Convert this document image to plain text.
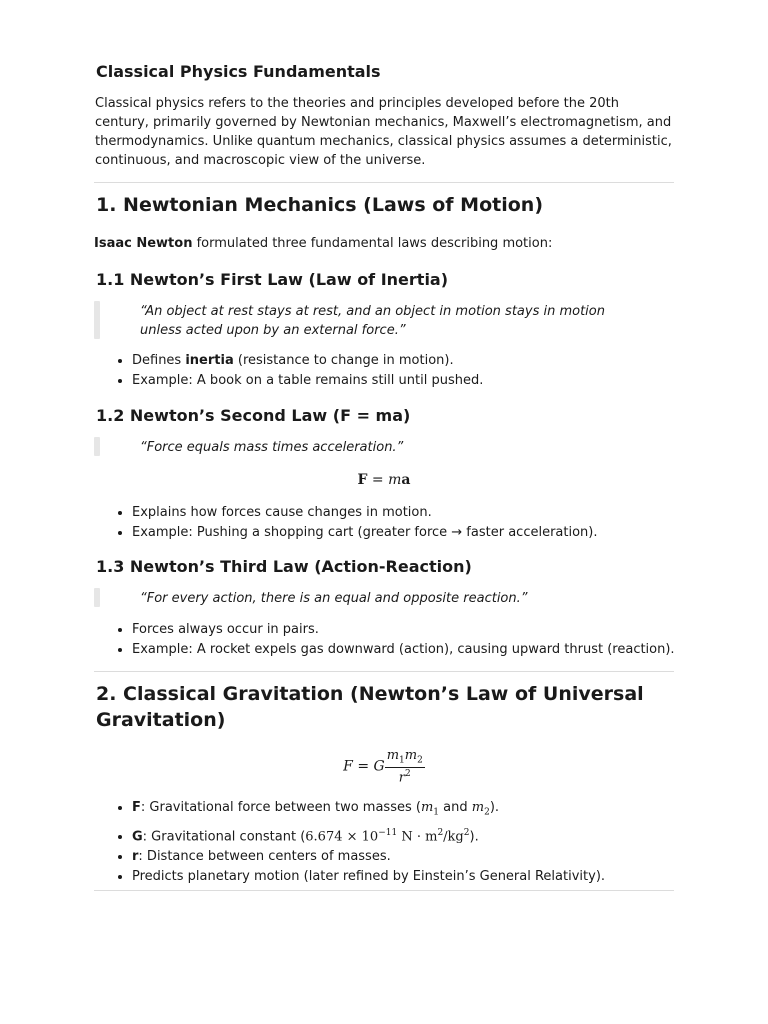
Classical Physics Fundamentals
Classical physics refers to the theories and principles developed before the 20th century, primarily governed by Newtonian mechanics, Maxwell’s electromagnetism, and thermodynamics. Unlike quantum mechanics, classical physics assumes a deterministic, continuous, and macroscopic view of the universe.
1. Newtonian Mechanics (Laws of Motion)
Isaac Newton formulated three fundamental laws describing motion:
1.1 Newton’s First Law (Law of Inertia)
“An object at rest stays at rest, and an object in motion stays in motion unless acted upon by an external force.”
• Defines inertia (resistance to change in motion).
• Example: A book on a table remains still until pushed.
1.2 Newton’s Second Law (F = ma)
“Force equals mass times acceleration.”
F = ma
• Explains how forces cause changes in motion.
• Example: Pushing a shopping cart (greater force → faster acceleration).
1.3 Newton’s Third Law (Action-Reaction)
“For every action, there is an equal and opposite reaction.”
• Forces always occur in pairs.
• Example: A rocket expels gas downward (action), causing upward thrust (reaction).
2. Classical Gravitation (Newton’s Law of Universal Gravitation)
F = G $\frac{m_1m_2}{r^2}$
• F: Gravitational force between two masses ($m_1$ and $m_2$).
• G: Gravitational constant ($6.674 \times 10^{-11}$ $N \cdot m^2/kg^2$).
• r: Distance between centers of masses.
• Predicts planetary motion (later refined by Einstein’s General Relativity).
